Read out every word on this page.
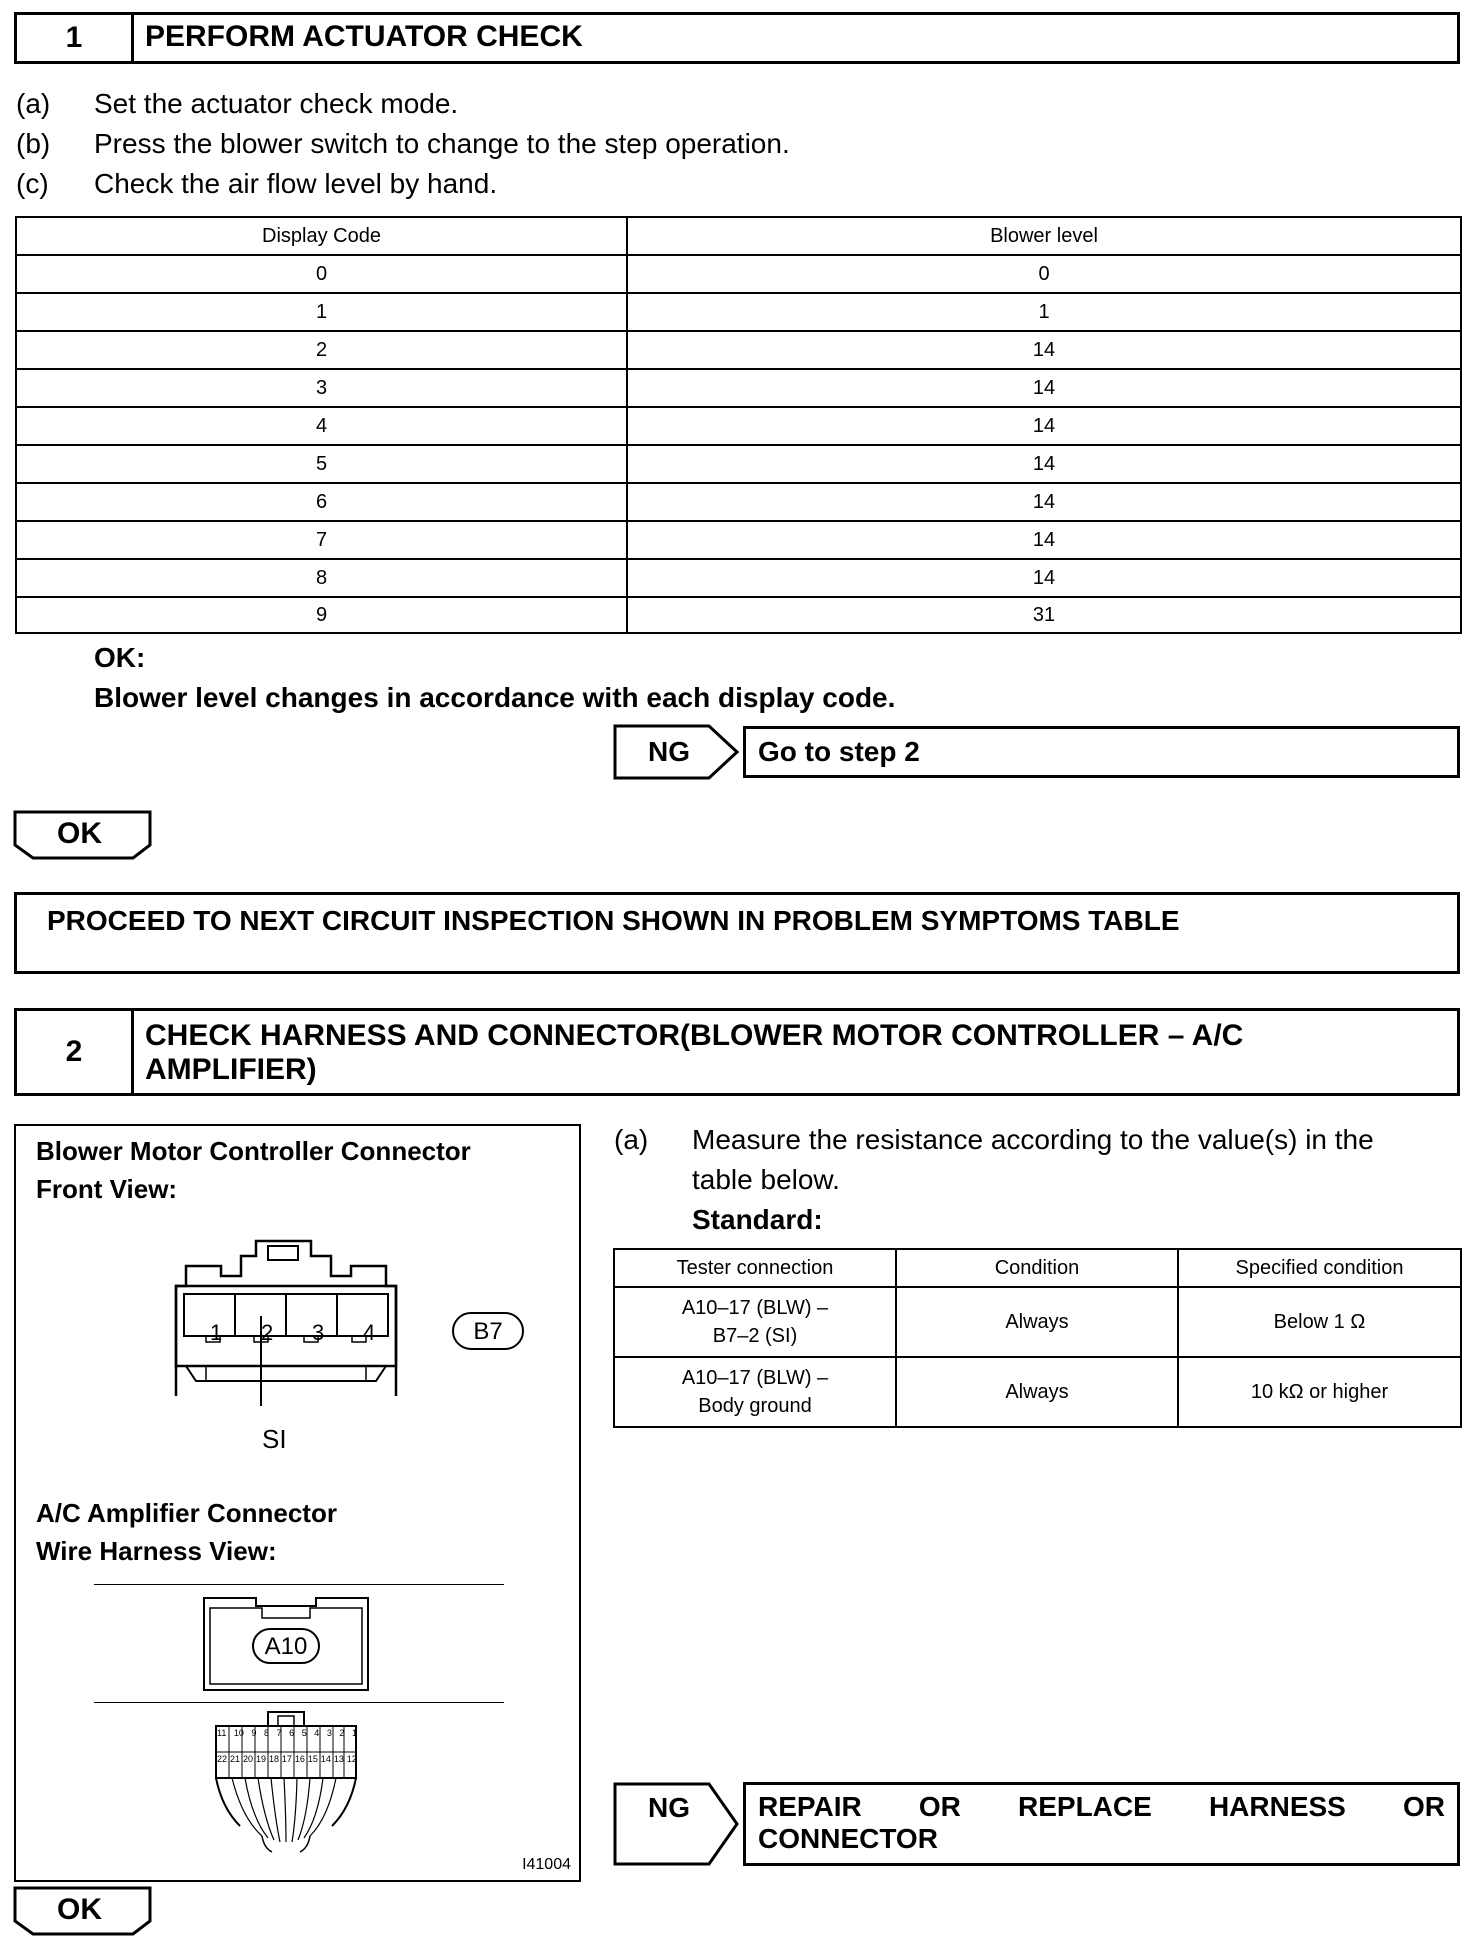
1	PERFORM ACTUATOR CHECK
(a) Set the actuator check mode.
(b) Press the blower switch to change to the step operation.
(c) Check the air flow level by hand.
Display Code	Blower level
0	0
1	1
2	14
3	14
4	14
5	14
6	14
7	14
8	14
9	31
OK:
Blower level changes in accordance with each display code.
NG Go to step 2
OK
PROCEED TO NEXT CIRCUIT INSPECTION SHOWN IN PROBLEM SYMPTOMS TABLE
2	CHECK HARNESS AND CONNECTOR(BLOWER MOTOR CONTROLLER – A/C
AMPLIFIER)
Blower Motor Controller Connector
Front View:
1 2 3 4	B7
SI
A/C Amplifier Connector
Wire Harness View:
A10
11 10 9 8 7 6 5 4 3 2 1
22 21 20 19 18 17 16 15 14 13 12
I41004
(a) Measure the resistance according to the value(s) in the
table below.
Standard:
Tester connection	Condition	Specified condition

A10–17 (BLW) –
B7–2 (SI)	Always	Below 1 Ω

A10–17 (BLW) –
Body ground	Always	10 kΩ or higher
NG REPAIR OR REPLACE HARNESS OR
CONNECTOR
OK
